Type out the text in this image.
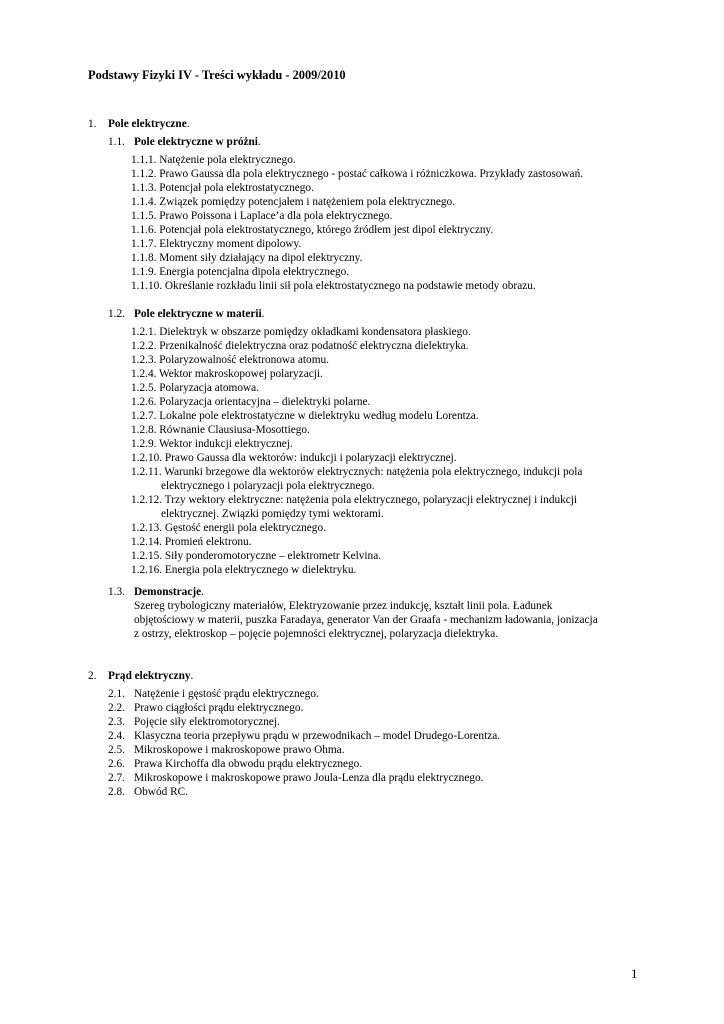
Podstawy Fizyki IV - Treści wykładu - 2009/2010
1. Pole elektryczne.
1.1. Pole elektryczne w próżni.
1.1.1. Natężenie pola elektrycznego.
1.1.2. Prawo Gaussa dla pola elektrycznego - postać całkowa i różniczkowa. Przykłady zastosowań.
1.1.3. Potencjał pola elektrostatycznego.
1.1.4. Związek pomiędzy potencjałem i natężeniem pola elektrycznego.
1.1.5. Prawo Poissona i Laplace’a dla pola elektrycznego.
1.1.6. Potencjał pola elektrostatycznego, którego źródłem jest dipol elektryczny.
1.1.7. Elektryczny moment dipolowy.
1.1.8. Moment siły działający na dipol elektryczny.
1.1.9. Energia potencjalna dipola elektrycznego.
1.1.10. Określanie rozkładu linii sił pola elektrostatycznego na podstawie metody obrazu.
1.2. Pole elektryczne w materii.
1.2.1. Dielektryk w obszarze pomiędzy okładkami kondensatora płaskiego.
1.2.2. Przenikalność dielektryczna oraz podatność elektryczna dielektryka.
1.2.3. Polaryzowalność elektronowa atomu.
1.2.4. Wektor makroskopowej polaryzacji.
1.2.5. Polaryzacja atomowa.
1.2.6. Polaryzacja orientacyjna – dielektryki polarne.
1.2.7. Lokalne pole elektrostatyczne w dielektryku według modelu Lorentza.
1.2.8. Równanie Clausiusa-Mosottiego.
1.2.9. Wektor indukcji elektrycznej.
1.2.10. Prawo Gaussa dla wektorów: indukcji i polaryzacji elektrycznej.
1.2.11. Warunki brzegowe dla wektorów elektrycznych: natężenia pola elektrycznego, indukcji pola
elektrycznego i polaryzacji pola elektrycznego.
1.2.12. Trzy wektory elektryczne: natężenia pola elektrycznego, polaryzacji elektrycznej i indukcji
elektrycznej. Związki pomiędzy tymi wektorami.
1.2.13. Gęstość energii pola elektrycznego.
1.2.14. Promień elektronu.
1.2.15. Siły ponderomotoryczne – elektrometr Kelvina.
1.2.16. Energia pola elektrycznego w dielektryku.
1.3. Demonstracje.
Szereg trybologiczny materiałów, Elektryzowanie przez indukcję, kształt linii pola. Ładunek
objętościowy w materii, puszka Faradaya, generator Van der Graafa - mechanizm ładowania, jonizacja
z ostrzy, elektroskop – pojęcie pojemności elektrycznej, polaryzacja dielektryka.
2. Prąd elektryczny.
2.1. Natężenie i gęstość prądu elektrycznego.
2.2. Prawo ciągłości prądu elektrycznego.
2.3. Pojęcie siły elektromotorycznej.
2.4. Klasyczna teoria przepływu prądu w przewodnikach – model Drudego-Lorentza.
2.5. Mikroskopowe i makroskopowe prawo Ohma.
2.6. Prawa Kirchoffa dla obwodu prądu elektrycznego.
2.7. Mikroskopowe i makroskopowe prawo Joula-Lenza dla prądu elektrycznego.
2.8. Obwód RC.
1
